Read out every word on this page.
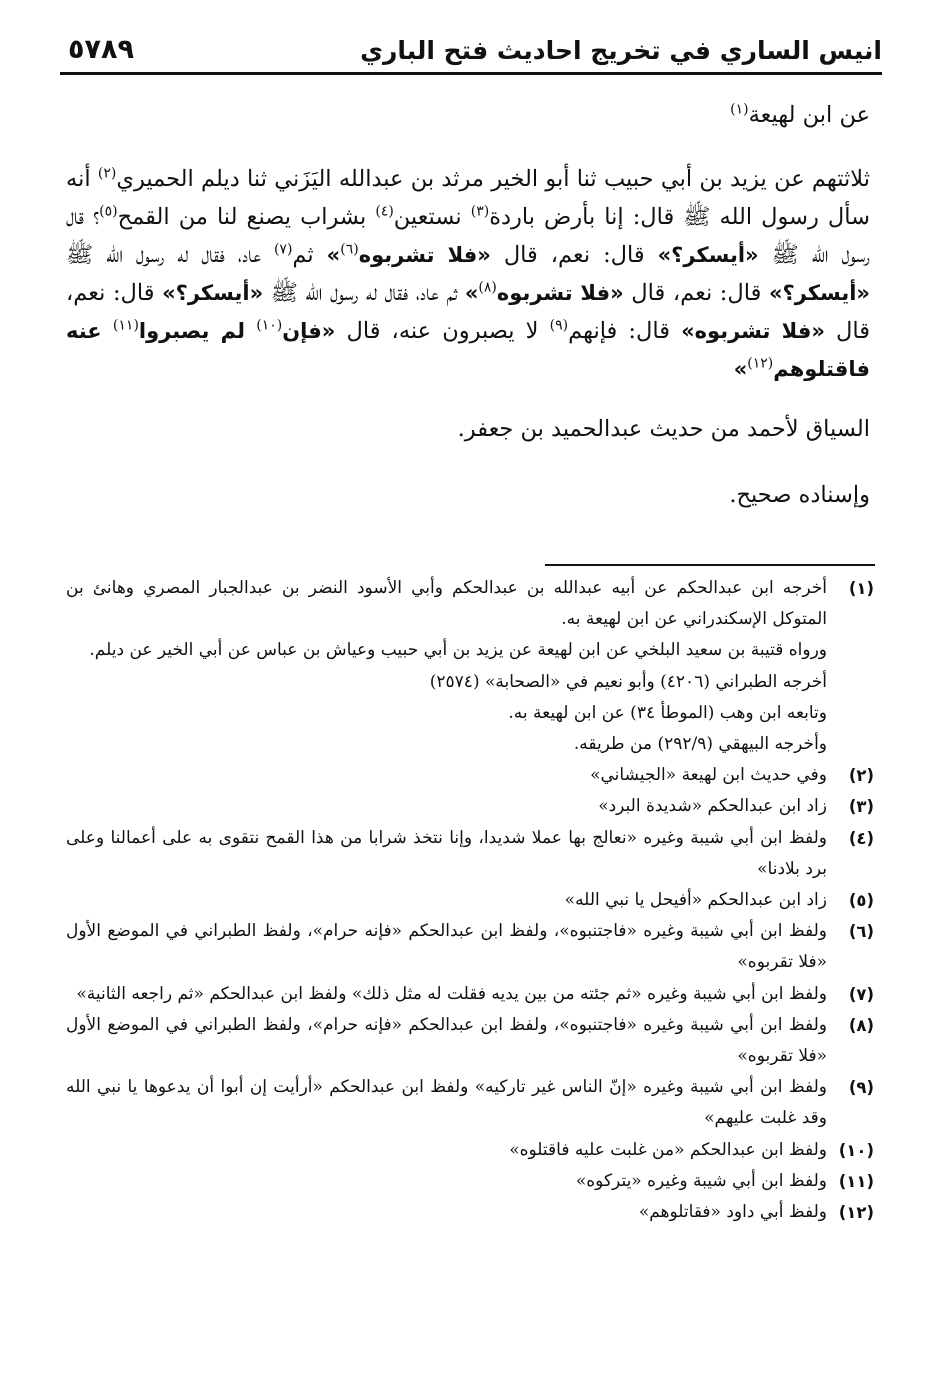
انيس الساري في تخريج احاديث فتح الباري
٥٧٨٩

عن ابن لهيعة$^{(١)}$

ثلاثتهم عن يزيد بن أبي حبيب ثنا أبو الخير مرثد بن عبدالله اليَزَني ثنا ديلم الحميري$^{(٢)}$ أنه سأل رسول الله ﷺ قال: إنا بأرض باردة$^{(٣)}$ نستعين$^{(٤)}$ بشراب يصنع لنا من القمح$^{(٥)}$؟ قال رسول الله ﷺ «أيسكر؟» قال: نعم، قال «فلا تشربوه$^{(٦)}$» ثم$^{(٧)}$ عاد، فقال له رسول الله ﷺ «أيسكر؟» قال: نعم، قال «فلا تشربوه$^{(٨)}$» ثم عاد، فقال له رسول الله ﷺ «أيسكر؟» قال: نعم، قال «فلا تشربوه» قال: فإنهم$^{(٩)}$ لا يصبرون عنه، قال «فإن$^{(١٠)}$ لم يصبروا$^{(١١)}$ عنه فاقتلوهم$^{(١٢)}$»

السياق لأحمد من حديث عبدالحميد بن جعفر.

وإسناده صحيح.

(١)
أخرجه ابن عبدالحكم عن أبيه عبدالله بن عبدالحكم وأبي الأسود النضر بن عبدالجبار المصري وهانئ بن المتوكل الإسكندراني عن ابن لهيعة به.
ورواه قتيبة بن سعيد البلخي عن ابن لهيعة عن يزيد بن أبي حبيب وعياش بن عباس عن أبي الخير عن ديلم.
أخرجه الطبراني (٤٢٠٦) وأبو نعيم في «الصحابة» (٢٥٧٤)
وتابعه ابن وهب (الموطأ ٣٤) عن ابن لهيعة به.
وأخرجه البيهقي (٢٩٢/٩) من طريقه.
(٢)
وفي حديث ابن لهيعة «الجيشاني»
(٣)
زاد ابن عبدالحكم «شديدة البرد»
(٤)
ولفظ ابن أبي شيبة وغيره «نعالج بها عملا شديدا، وإنا نتخذ شرابا من هذا القمح نتقوى به على أعمالنا وعلى برد بلادنا»
(٥)
زاد ابن عبدالحكم «أفيحل يا نبي الله»
(٦)
ولفظ ابن أبي شيبة وغيره «فاجتنبوه»، ولفظ ابن عبدالحكم «فإنه حرام»، ولفظ الطبراني في الموضع الأول «فلا تقربوه»
(٧)
ولفظ ابن أبي شيبة وغيره «ثم جئته من بين يديه فقلت له مثل ذلك» ولفظ ابن عبدالحكم «ثم راجعه الثانية»
(٨)
ولفظ ابن أبي شيبة وغيره «فاجتنبوه»، ولفظ ابن عبدالحكم «فإنه حرام»، ولفظ الطبراني في الموضع الأول «فلا تقربوه»
(٩)
ولفظ ابن أبي شيبة وغيره «إنّ الناس غير تاركيه» ولفظ ابن عبدالحكم «أرأيت إن أبوا أن يدعوها يا نبي الله وقد غلبت عليهم»
(١٠)
ولفظ ابن عبدالحكم «من غلبت عليه فاقتلوه»
(١١)
ولفظ ابن أبي شيبة وغيره «يتركوه»
(١٢)
ولفظ أبي داود «فقاتلوهم»
